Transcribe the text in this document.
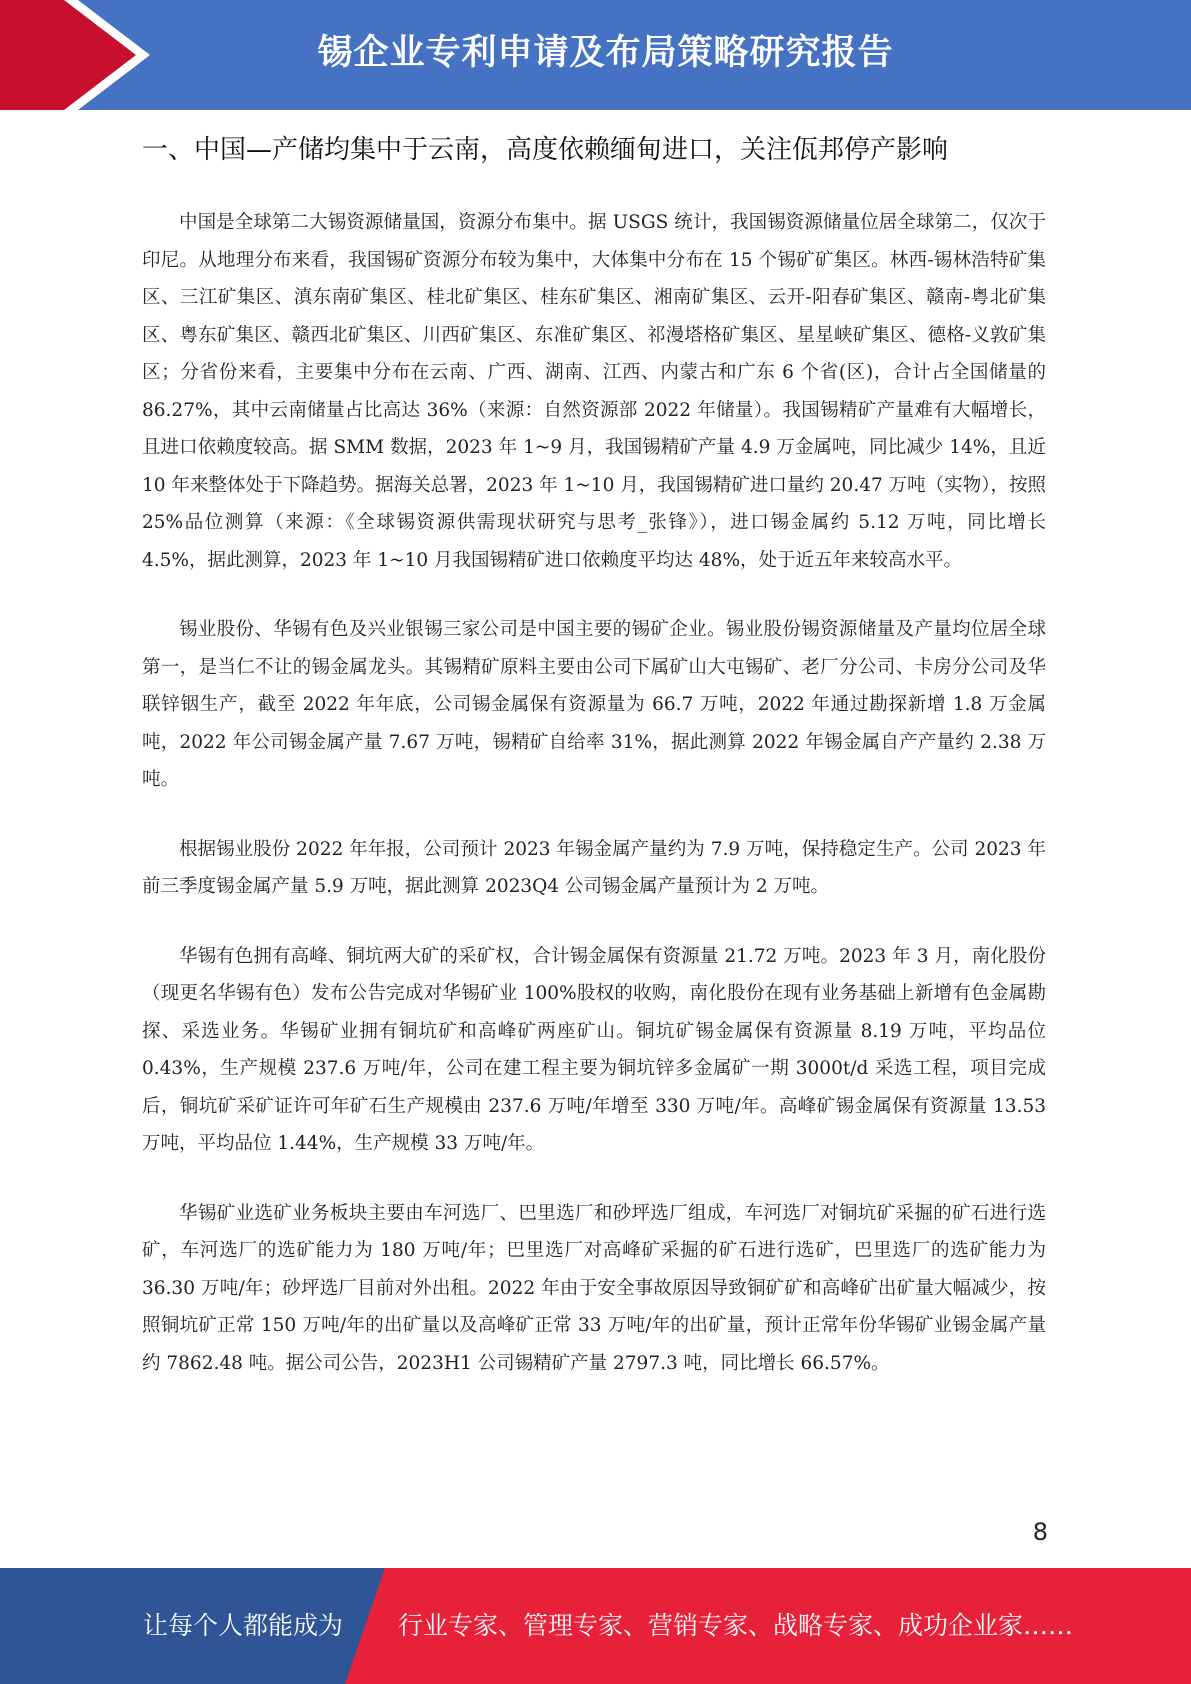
锡企业专利申请及布局策略研究报告
一、中国—产储均集中于云南，高度依赖缅甸进口，关注佤邦停产影响

中国是全球第二大锡资源储量国，资源分布集中。据 USGS 统计，我国锡资源储量位居全球第二，仅次于印尼。从地理分布来看，我国锡矿资源分布较为集中，大体集中分布在 15 个锡矿矿集区。林西-锡林浩特矿集区、三江矿集区、滇东南矿集区、桂北矿集区、桂东矿集区、湘南矿集区、云开-阳春矿集区、赣南-粤北矿集区、粤东矿集区、赣西北矿集区、川西矿集区、东准矿集区、祁漫塔格矿集区、星星峡矿集区、德格-义敦矿集区；分省份来看，主要集中分布在云南、广西、湖南、江西、内蒙古和广东 6 个省(区)，合计占全国储量的 86.27%，其中云南储量占比高达 36%（来源：自然资源部 2022 年储量）。我国锡精矿产量难有大幅增长，且进口依赖度较高。据 SMM 数据，2023 年 1~9 月，我国锡精矿产量 4.9 万金属吨，同比减少 14%，且近 10 年来整体处于下降趋势。据海关总署，2023 年 1~10 月，我国锡精矿进口量约 20.47 万吨（实物），按照 25%品位测算（来源：《全球锡资源供需现状研究与思考_张锋》），进口锡金属约 5.12 万吨，同比增长 4.5%，据此测算，2023 年 1~10 月我国锡精矿进口依赖度平均达 48%，处于近五年来较高水平。

锡业股份、华锡有色及兴业银锡三家公司是中国主要的锡矿企业。锡业股份锡资源储量及产量均位居全球第一，是当仁不让的锡金属龙头。其锡精矿原料主要由公司下属矿山大屯锡矿、老厂分公司、卡房分公司及华联锌铟生产，截至 2022 年年底，公司锡金属保有资源量为 66.7 万吨，2022 年通过勘探新增 1.8 万金属吨，2022 年公司锡金属产量 7.67 万吨，锡精矿自给率 31%，据此测算 2022 年锡金属自产产量约 2.38 万吨。

根据锡业股份 2022 年年报，公司预计 2023 年锡金属产量约为 7.9 万吨，保持稳定生产。公司 2023 年前三季度锡金属产量 5.9 万吨，据此测算 2023Q4 公司锡金属产量预计为 2 万吨。

华锡有色拥有高峰、铜坑两大矿的采矿权，合计锡金属保有资源量 21.72 万吨。2023 年 3 月，南化股份（现更名华锡有色）发布公告完成对华锡矿业 100%股权的收购，南化股份在现有业务基础上新增有色金属勘探、采选业务。华锡矿业拥有铜坑矿和高峰矿两座矿山。铜坑矿锡金属保有资源量 8.19 万吨，平均品位 0.43%，生产规模 237.6 万吨/年，公司在建工程主要为铜坑锌多金属矿一期 3000t/d 采选工程，项目完成后，铜坑矿采矿证许可年矿石生产规模由 237.6 万吨/年增至 330 万吨/年。高峰矿锡金属保有资源量 13.53 万吨，平均品位 1.44%，生产规模 33 万吨/年。

华锡矿业选矿业务板块主要由车河选厂、巴里选厂和砂坪选厂组成，车河选厂对铜坑矿采掘的矿石进行选矿，车河选厂的选矿能力为 180 万吨/年；巴里选厂对高峰矿采掘的矿石进行选矿，巴里选厂的选矿能力为 36.30 万吨/年；砂坪选厂目前对外出租。2022 年由于安全事故原因导致铜矿矿和高峰矿出矿量大幅减少，按照铜坑矿正常 150 万吨/年的出矿量以及高峰矿正常 33 万吨/年的出矿量，预计正常年份华锡矿业锡金属产量约 7862.48 吨。据公司公告，2023H1 公司锡精矿产量 2797.3 吨，同比增长 66.57%。

8
让每个人都能成为 行业专家、管理专家、营销专家、战略专家、成功企业家……
